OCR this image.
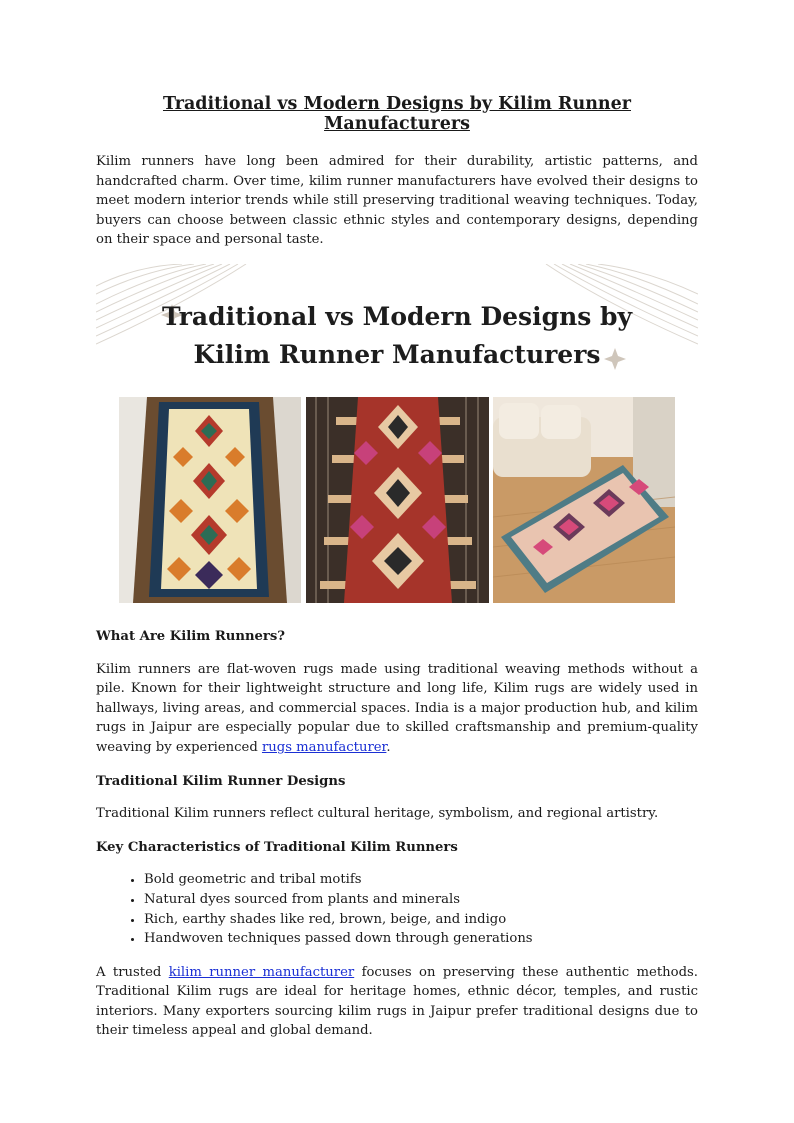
Traditional vs Modern Designs by Kilim Runner Manufacturers

Kilim runners have long been admired for their durability, artistic patterns, and handcrafted charm. Over time, kilim runner manufacturers have evolved their designs to meet modern interior trends while still preserving traditional weaving techniques. Today, buyers can choose between classic ethnic styles and contemporary designs, depending on their space and personal taste.

Traditional vs Modern Designs by
Kilim Runner Manufacturers
What Are Kilim Runners?

Kilim runners are flat-woven rugs made using traditional weaving methods without a pile. Known for their lightweight structure and long life, Kilim rugs are widely used in hallways, living areas, and commercial spaces. India is a major production hub, and kilim rugs in Jaipur are especially popular due to skilled craftsmanship and premium-quality weaving by experienced rugs manufacturer.

Traditional Kilim Runner Designs

Traditional Kilim runners reflect cultural heritage, symbolism, and regional artistry.

Key Characteristics of Traditional Kilim Runners
• Bold geometric and tribal motifs
• Natural dyes sourced from plants and minerals
• Rich, earthy shades like red, brown, beige, and indigo
• Handwoven techniques passed down through generations

A trusted kilim runner manufacturer focuses on preserving these authentic methods. Traditional Kilim rugs are ideal for heritage homes, ethnic décor, temples, and rustic interiors. Many exporters sourcing kilim rugs in Jaipur prefer traditional designs due to their timeless appeal and global demand.
